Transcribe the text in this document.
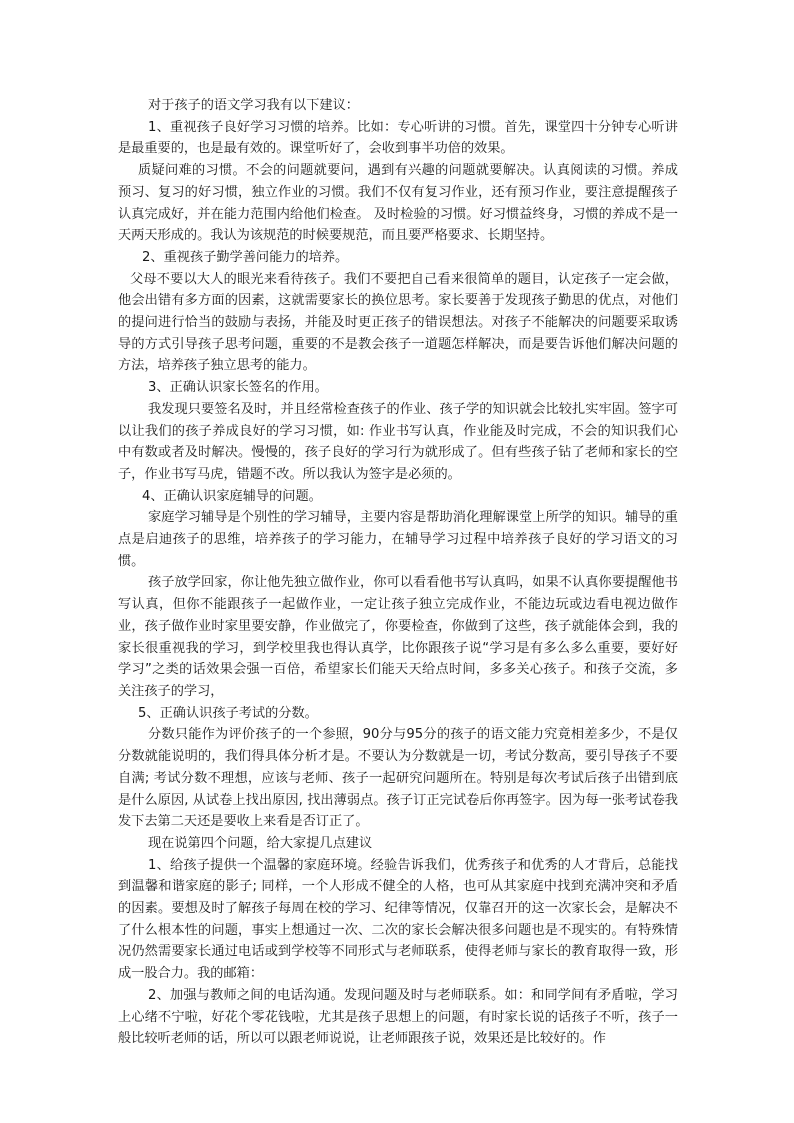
对于孩子的语文学习我有以下建议：

1、重视孩子良好学习习惯的培养。比如：专心听讲的习惯。首先，课堂四十分钟专心听讲是最重要的，也是最有效的。课堂听好了，会收到事半功倍的效果。

质疑问难的习惯。不会的问题就要问，遇到有兴趣的问题就要解决。认真阅读的习惯。养成预习、复习的好习惯，独立作业的习惯。我们不仅有复习作业，还有预习作业，要注意提醒孩子认真完成好，并在能力范围内给他们检查。 及时检验的习惯。好习惯益终身，习惯的养成不是一天两天形成的。我认为该规范的时候要规范，而且要严格要求、长期坚持。

2、重视孩子勤学善问能力的培养。

父母不要以大人的眼光来看待孩子。我们不要把自己看来很简单的题目，认定孩子一定会做，他会出错有多方面的因素，这就需要家长的换位思考。家长要善于发现孩子勤思的优点，对他们的提问进行恰当的鼓励与表扬，并能及时更正孩子的错误想法。对孩子不能解决的问题要采取诱导的方式引导孩子思考问题，重要的不是教会孩子一道题怎样解决，而是要告诉他们解决问题的方法，培养孩子独立思考的能力。

3、正确认识家长签名的作用。

我发现只要签名及时，并且经常检查孩子的作业、孩子学的知识就会比较扎实牢固。签字可以让我们的孩子养成良好的学习习惯，如: 作业书写认真，作业能及时完成，不会的知识我们心中有数或者及时解决。慢慢的，孩子良好的学习行为就形成了。但有些孩子钻了老师和家长的空子，作业书写马虎，错题不改。所以我认为签字是必须的。

4、正确认识家庭辅导的问题。

家庭学习辅导是个别性的学习辅导，主要内容是帮助消化理解课堂上所学的知识。辅导的重点是启迪孩子的思维，培养孩子的学习能力，在辅导学习过程中培养孩子良好的学习语文的习惯。

孩子放学回家，你让他先独立做作业，你可以看看他书写认真吗，如果不认真你要提醒他书写认真，但你不能跟孩子一起做作业，一定让孩子独立完成作业，不能边玩或边看电视边做作业，孩子做作业时家里要安静，作业做完了，你要检查，你做到了这些，孩子就能体会到，我的家长很重视我的学习，到学校里我也得认真学，比你跟孩子说“学习是有多么多么重要，要好好学习”之类的话效果会强一百倍，希望家长们能天天给点时间，多多关心孩子。和孩子交流，多关注孩子的学习，

5、正确认识孩子考试的分数。

分数只能作为评价孩子的一个参照，90分与95分的孩子的语文能力究竟相差多少，不是仅分数就能说明的，我们得具体分析才是。不要认为分数就是一切，考试分数高，要引导孩子不要自满; 考试分数不理想，应该与老师、孩子一起研究问题所在。特别是每次考试后孩子出错到底是什么原因, 从试卷上找出原因, 找出薄弱点。孩子订正完试卷后你再签字。因为每一张考试卷我发下去第二天还是要收上来看是否订正了。

现在说第四个问题，给大家提几点建议

1、给孩子提供一个温馨的家庭环境。经验告诉我们，优秀孩子和优秀的人才背后，总能找到温馨和谐家庭的影子; 同样，一个人形成不健全的人格，也可从其家庭中找到充满冲突和矛盾的因素。要想及时了解孩子每周在校的学习、纪律等情况，仅靠召开的这一次家长会，是解决不了什么根本性的问题，事实上想通过一次、二次的家长会解决很多问题也是不现实的。有特殊情况仍然需要家长通过电话或到学校等不同形式与老师联系，使得老师与家长的教育取得一致，形成一股合力。我的邮箱：

2、加强与教师之间的电话沟通。发现问题及时与老师联系。如：和同学间有矛盾啦，学习上心绪不宁啦，好花个零花钱啦，尤其是孩子思想上的问题，有时家长说的话孩子不听，孩子一般比较听老师的话，所以可以跟老师说说，让老师跟孩子说，效果还是比较好的。作
